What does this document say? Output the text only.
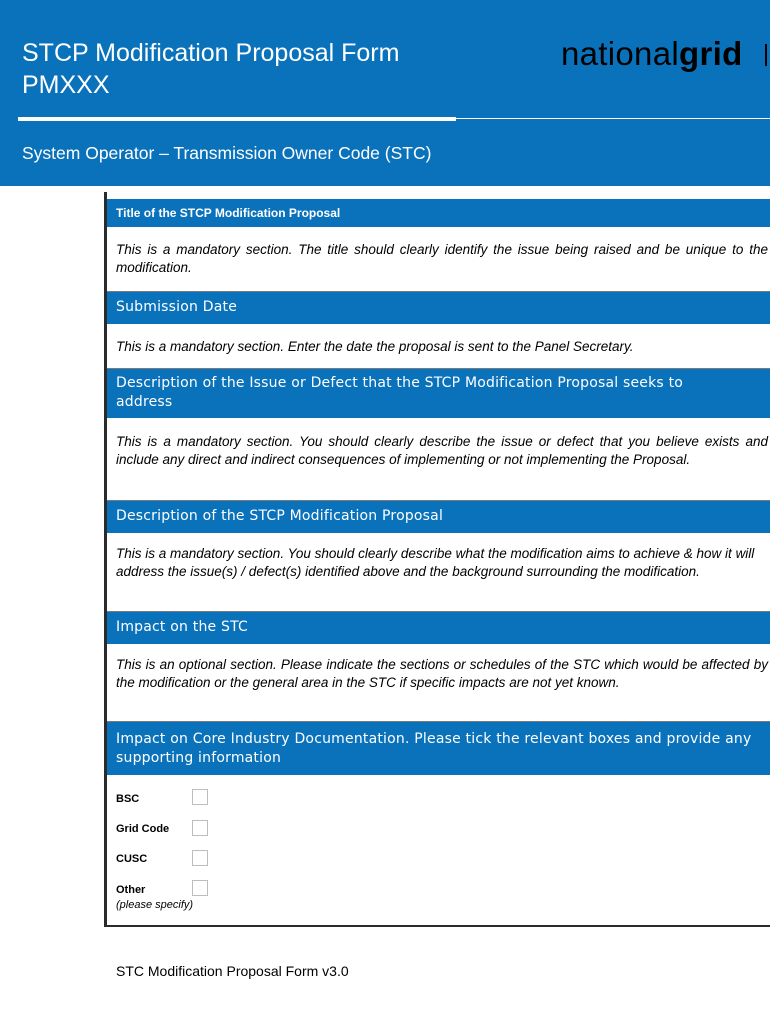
STCP Modification Proposal Form
PMXXX
nationalgrid
System Operator – Transmission Owner Code (STC)
Title of the STCP Modification Proposal
This is a mandatory section. The title should clearly identify the issue being raised and be unique to the modification.
Submission Date
This is a mandatory section. Enter the date the proposal is sent to the Panel Secretary.
Description of the Issue or Defect that the STCP Modification Proposal seeks to address
This is a mandatory section. You should clearly describe the issue or defect that you believe exists and include any direct and indirect consequences of implementing or not implementing the Proposal.
Description of the STCP Modification Proposal
This is a mandatory section. You should clearly describe what the modification aims to achieve & how it will address the issue(s) / defect(s) identified above and the background surrounding the modification.
Impact on the STC
This is an optional section. Please indicate the sections or schedules of the STC which would be affected by the modification or the general area in the STC if specific impacts are not yet known.
Impact on Core Industry Documentation. Please tick the relevant boxes and provide any supporting information
BSC
Grid Code
CUSC
Other
(please specify)
STC Modification Proposal Form v3.0
